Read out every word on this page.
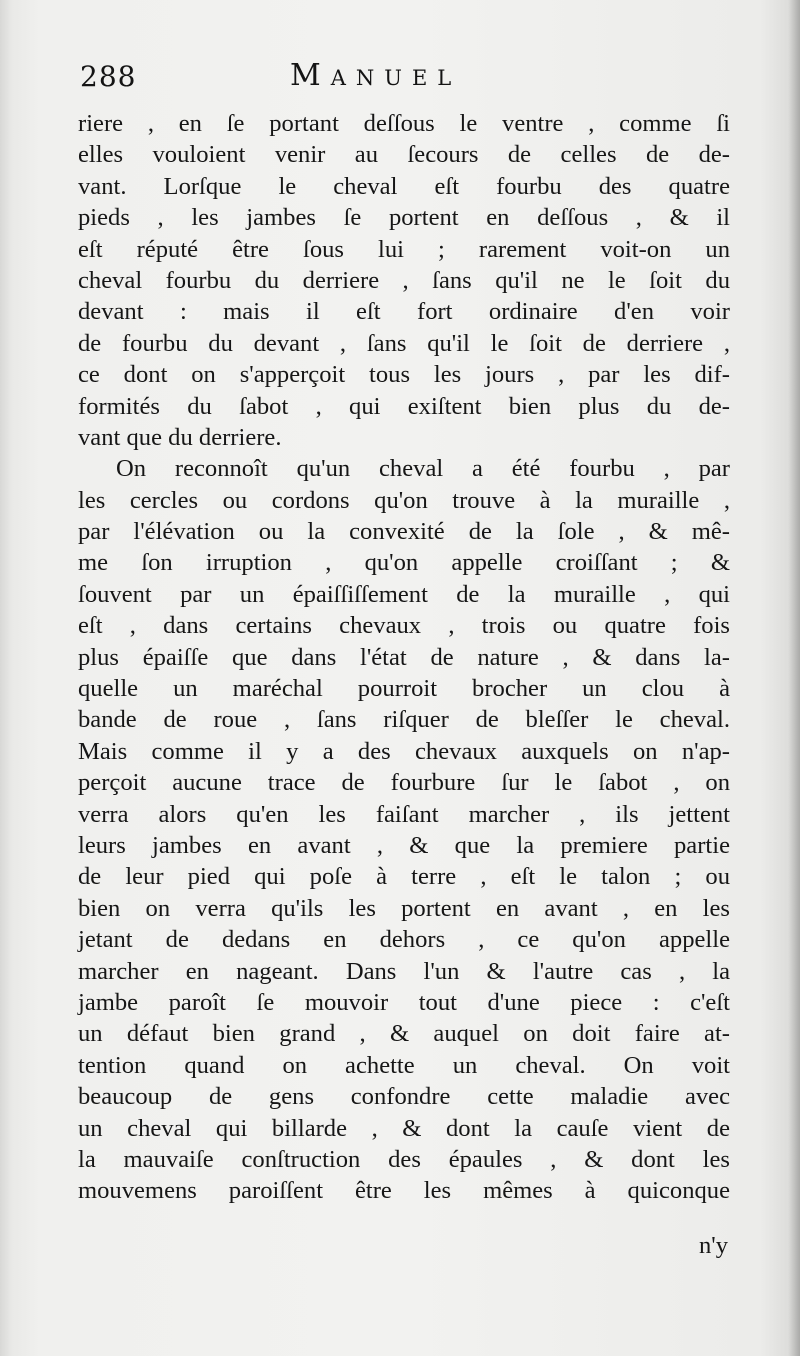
288	Manuel
riere , en ſe portant deſſous le ventre , comme ſi
elles vouloient venir au ſecours de celles de de-
vant. Lorſque le cheval eſt fourbu des quatre
pieds , les jambes ſe portent en deſſous , & il
eſt réputé être ſous lui ; rarement voit-on un
cheval fourbu du derriere , ſans qu'il ne le ſoit du
devant : mais il eſt fort ordinaire d'en voir
de fourbu du devant , ſans qu'il le ſoit de derriere ,
ce dont on s'apperçoit tous les jours , par les dif-
formités du ſabot , qui exiſtent bien plus du de-
vant que du derriere.
On reconnoît qu'un cheval a été fourbu , par
les cercles ou cordons qu'on trouve à la muraille ,
par l'élévation ou la convexité de la ſole , & mê-
me ſon irruption , qu'on appelle croiſſant ; &
ſouvent par un épaiſſiſſement de la muraille , qui
eſt , dans certains chevaux , trois ou quatre fois
plus épaiſſe que dans l'état de nature , & dans la-
quelle un maréchal pourroit brocher un clou à
bande de roue , ſans riſquer de bleſſer le cheval.
Mais comme il y a des chevaux auxquels on n'ap-
perçoit aucune trace de fourbure ſur le ſabot , on
verra alors qu'en les faiſant marcher , ils jettent
leurs jambes en avant , & que la premiere partie
de leur pied qui poſe à terre , eſt le talon ; ou
bien on verra qu'ils les portent en avant , en les
jetant de dedans en dehors , ce qu'on appelle
marcher en nageant. Dans l'un & l'autre cas , la
jambe paroît ſe mouvoir tout d'une piece : c'eſt
un défaut bien grand , & auquel on doit faire at-
tention quand on achette un cheval. On voit
beaucoup de gens confondre cette maladie avec
un cheval qui billarde , & dont la cauſe vient de
la mauvaiſe conſtruction des épaules , & dont les
mouvemens paroiſſent être les mêmes à quiconque
n'y
